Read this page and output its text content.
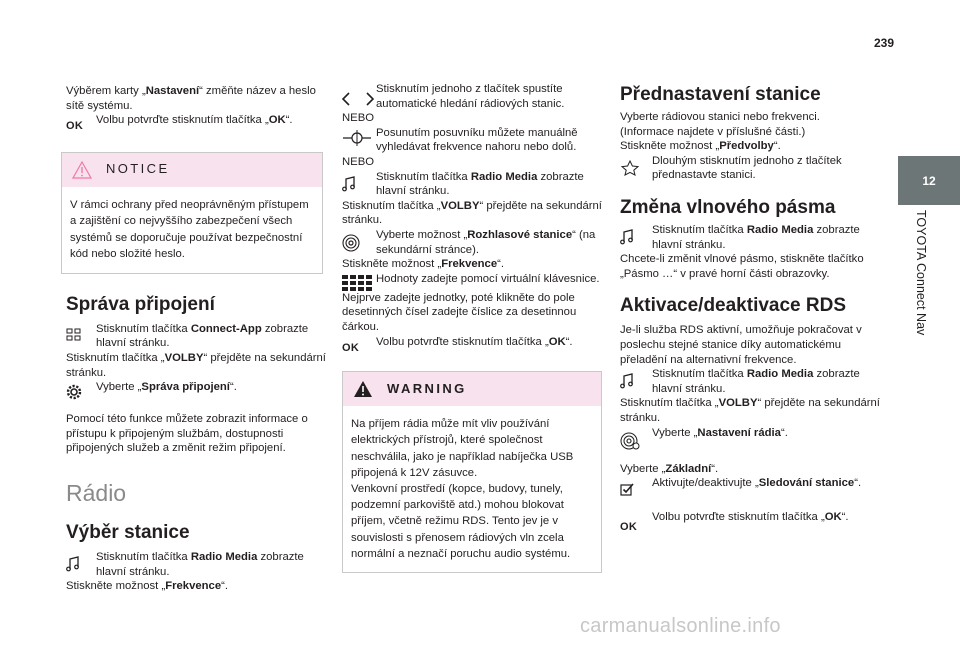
239
12
TOYOTA Connect Nav

Výběrem karty „Nastavení“ změňte název a heslo sítě systému.

OK Volbu potvrďte stisknutím tlačítka „OK“.

NOTICE
V rámci ochrany před neoprávněným přístupem a zajištění co nejvyššího zabezpečení všech systémů se doporučuje používat bezpečnostní kód nebo složité heslo.
Správa připojení

Stisknutím tlačítka Connect-App zobrazte hlavní stránku.

Stisknutím tlačítka „VOLBY“ přejděte na sekundární stránku.

Vyberte „Správa připojení“.

Pomocí této funkce můžete zobrazit informace o přístupu k připojeným službám, dostupnosti připojených služeb a změnit režim připojení.

Rádio
Výběr stanice

Stisknutím tlačítka Radio Media zobrazte hlavní stránku.

Stiskněte možnost „Frekvence“.

Stisknutím jednoho z tlačítek spustíte automatické hledání rádiových stanic.

NEBO

Posunutím posuvníku můžete manuálně vyhledávat frekvence nahoru nebo dolů.

NEBO

Stisknutím tlačítka Radio Media zobrazte hlavní stránku.

Stisknutím tlačítka „VOLBY“ přejděte na sekundární stránku.

Vyberte možnost „Rozhlasové stanice“ (na sekundární stránce).

Stiskněte možnost „Frekvence“.

Hodnoty zadejte pomocí virtuální klávesnice.

Nejprve zadejte jednotky, poté klikněte do pole desetinných čísel zadejte číslice za desetinnou čárkou.

OK Volbu potvrďte stisknutím tlačítka „OK“.

WARNING
Na příjem rádia může mít vliv používání elektrických přístrojů, které společnost neschválila, jako je například nabíječka USB připojená k 12V zásuvce.
Venkovní prostředí (kopce, budovy, tunely, podzemní parkoviště atd.) mohou blokovat příjem, včetně režimu RDS. Tento jev je v souvislosti s přenosem rádiových vln zcela normální a neznačí poruchu audio systému.
Přednastavení stanice

Vyberte rádiovou stanici nebo frekvenci.

(Informace najdete v příslušné části.)

Stiskněte možnost „Předvolby“.

Dlouhým stisknutím jednoho z tlačítek přednastavte stanici.

Změna vlnového pásma

Stisknutím tlačítka Radio Media zobrazte hlavní stránku.

Chcete-li změnit vlnové pásmo, stiskněte tlačítko „Pásmo …“ v pravé horní části obrazovky.

Aktivace/deaktivace RDS

Je-li služba RDS aktivní, umožňuje pokračovat v poslechu stejné stanice díky automatickému přeladění na alternativní frekvence.

Stisknutím tlačítka Radio Media zobrazte hlavní stránku.

Stisknutím tlačítka „VOLBY“ přejděte na sekundární stránku.

Vyberte „Nastavení rádia“.

Vyberte „Základní“.

Aktivujte/deaktivujte „Sledování stanice“.

OK

Volbu potvrďte stisknutím tlačítka „OK“.

carmanualsonline.info
